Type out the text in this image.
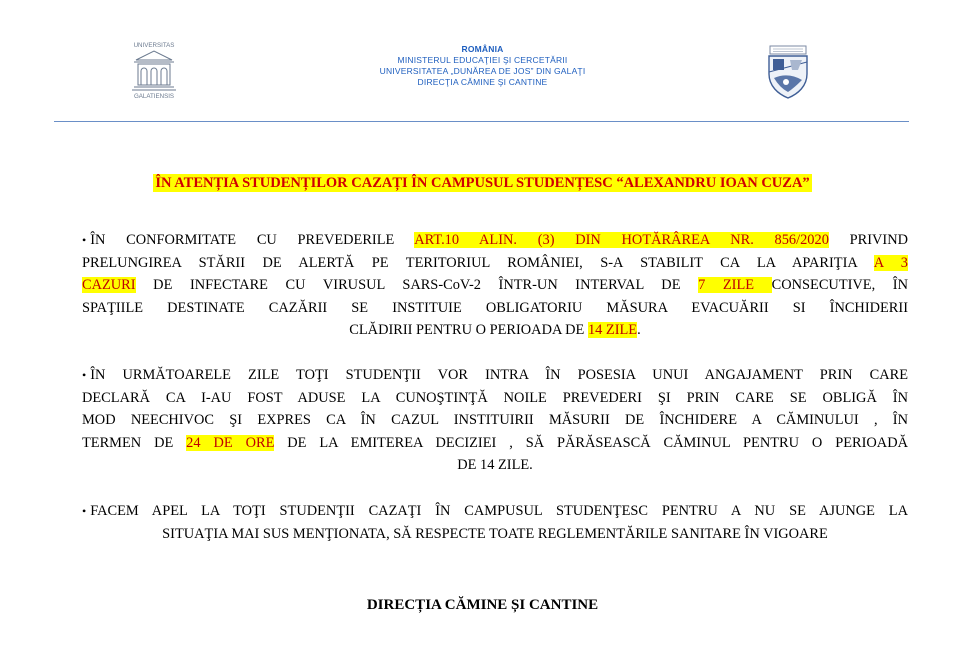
UNIVERSITAS
GALATIENSIS
ROMÂNIA
MINISTERUL EDUCAŢIEI ŞI CERCETĂRII
UNIVERSITATEA „DUNĂREA DE JOS” DIN GALAŢI
DIRECŢIA CĂMINE ŞI CANTINE
ÎN ATENȚIA STUDENȚILOR CAZAȚI ÎN CAMPUSUL STUDENȚESC “ALEXANDRU IOAN CUZA”
• ÎN CONFORMITATE CU PREVEDERILE ART.10 ALIN. (3) DIN HOTĂRÂREA NR. 856/2020 PRIVIND
PRELUNGIREA STĂRII DE ALERTĂ PE TERITORIUL ROMÂNIEI, S-A STABILIT CA LA APARIŢIA A 3
CAZURI DE INFECTARE CU VIRUSUL SARS-CoV-2 ÎNTR-UN INTERVAL DE 7 ZILE CONSECUTIVE, ÎN
SPAŢIILE DESTINATE CAZĂRII SE INSTITUIE OBLIGATORIU MĂSURA EVACUĂRII SI ÎNCHIDERII
CLĂDIRII PENTRU O PERIOADA DE 14 ZILE.
• ÎN URMĂTOARELE ZILE TOŢI STUDENŢII VOR INTRA ÎN POSESIA UNUI ANGAJAMENT PRIN CARE
DECLARĂ CA I-AU FOST ADUSE LA CUNOŞTINŢĂ NOILE PREVEDERI ŞI PRIN CARE SE OBLIGĂ ÎN
MOD NEECHIVOC ŞI EXPRES CA ÎN CAZUL INSTITUIRII MĂSURII DE ÎNCHIDERE A CĂMINULUI , ÎN
TERMEN DE 24 DE ORE DE LA EMITEREA DECIZIEI , SĂ PĂRĂSEASCĂ CĂMINUL PENTRU O PERIOADĂ
DE 14 ZILE.
• FACEM APEL LA TOŢI STUDENŢII CAZAŢI ÎN CAMPUSUL STUDENŢESC PENTRU A NU SE AJUNGE LA
SITUAŢIA MAI SUS MENŢIONATA, SĂ RESPECTE TOATE REGLEMENTĂRILE SANITARE ÎN VIGOARE
DIRECȚIA CĂMINE ȘI CANTINE
